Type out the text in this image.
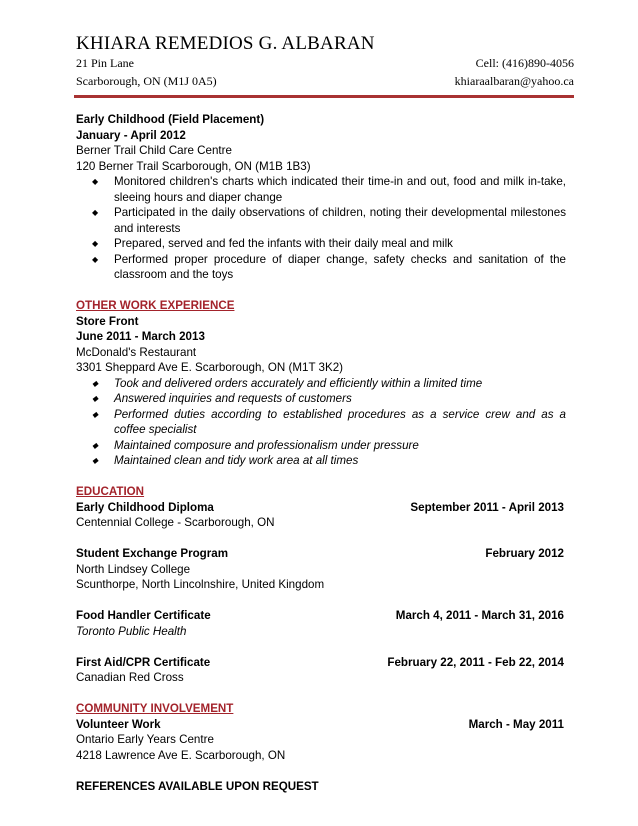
KHIARA REMEDIOS G. ALBARAN
21 Pin Lane
Scarborough, ON (M1J 0A5)
Cell: (416)890-4056
khiaraalbaran@yahoo.ca
Early Childhood (Field Placement)
January - April 2012
Berner Trail Child Care Centre
120 Berner Trail Scarborough, ON (M1B 1B3)
◆ Monitored children's charts which indicated their time-in and out, food and milk in-take, sleeing hours and diaper change
◆ Participated in the daily observations of children, noting their developmental milestones and interests
◆ Prepared, served and fed the infants with their daily meal and milk
◆ Performed proper procedure of diaper change, safety checks and sanitation of the classroom and the toys
OTHER WORK EXPERIENCE
Store Front
June 2011 - March 2013
McDonald's Restaurant
3301 Sheppard Ave E. Scarborough, ON (M1T 3K2)
◆ Took and delivered orders accurately and efficiently within a limited time
◆ Answered inquiries and requests of customers
◆ Performed duties according to established procedures as a service crew and as a coffee specialist
◆ Maintained composure and professionalism under pressure
◆ Maintained clean and tidy work area at all times
EDUCATION
Early Childhood Diploma	September 2011 - April 2013
Centennial College - Scarborough, ON
Student Exchange Program	February 2012
North Lindsey College
Scunthorpe, North Lincolnshire, United Kingdom
Food Handler Certificate	March 4, 2011 - March 31, 2016
Toronto Public Health
First Aid/CPR Certificate	February 22, 2011 - Feb 22, 2014
Canadian Red Cross
COMMUNITY INVOLVEMENT
Volunteer Work	March - May 2011
Ontario Early Years Centre
4218 Lawrence Ave E. Scarborough, ON
REFERENCES AVAILABLE UPON REQUEST
